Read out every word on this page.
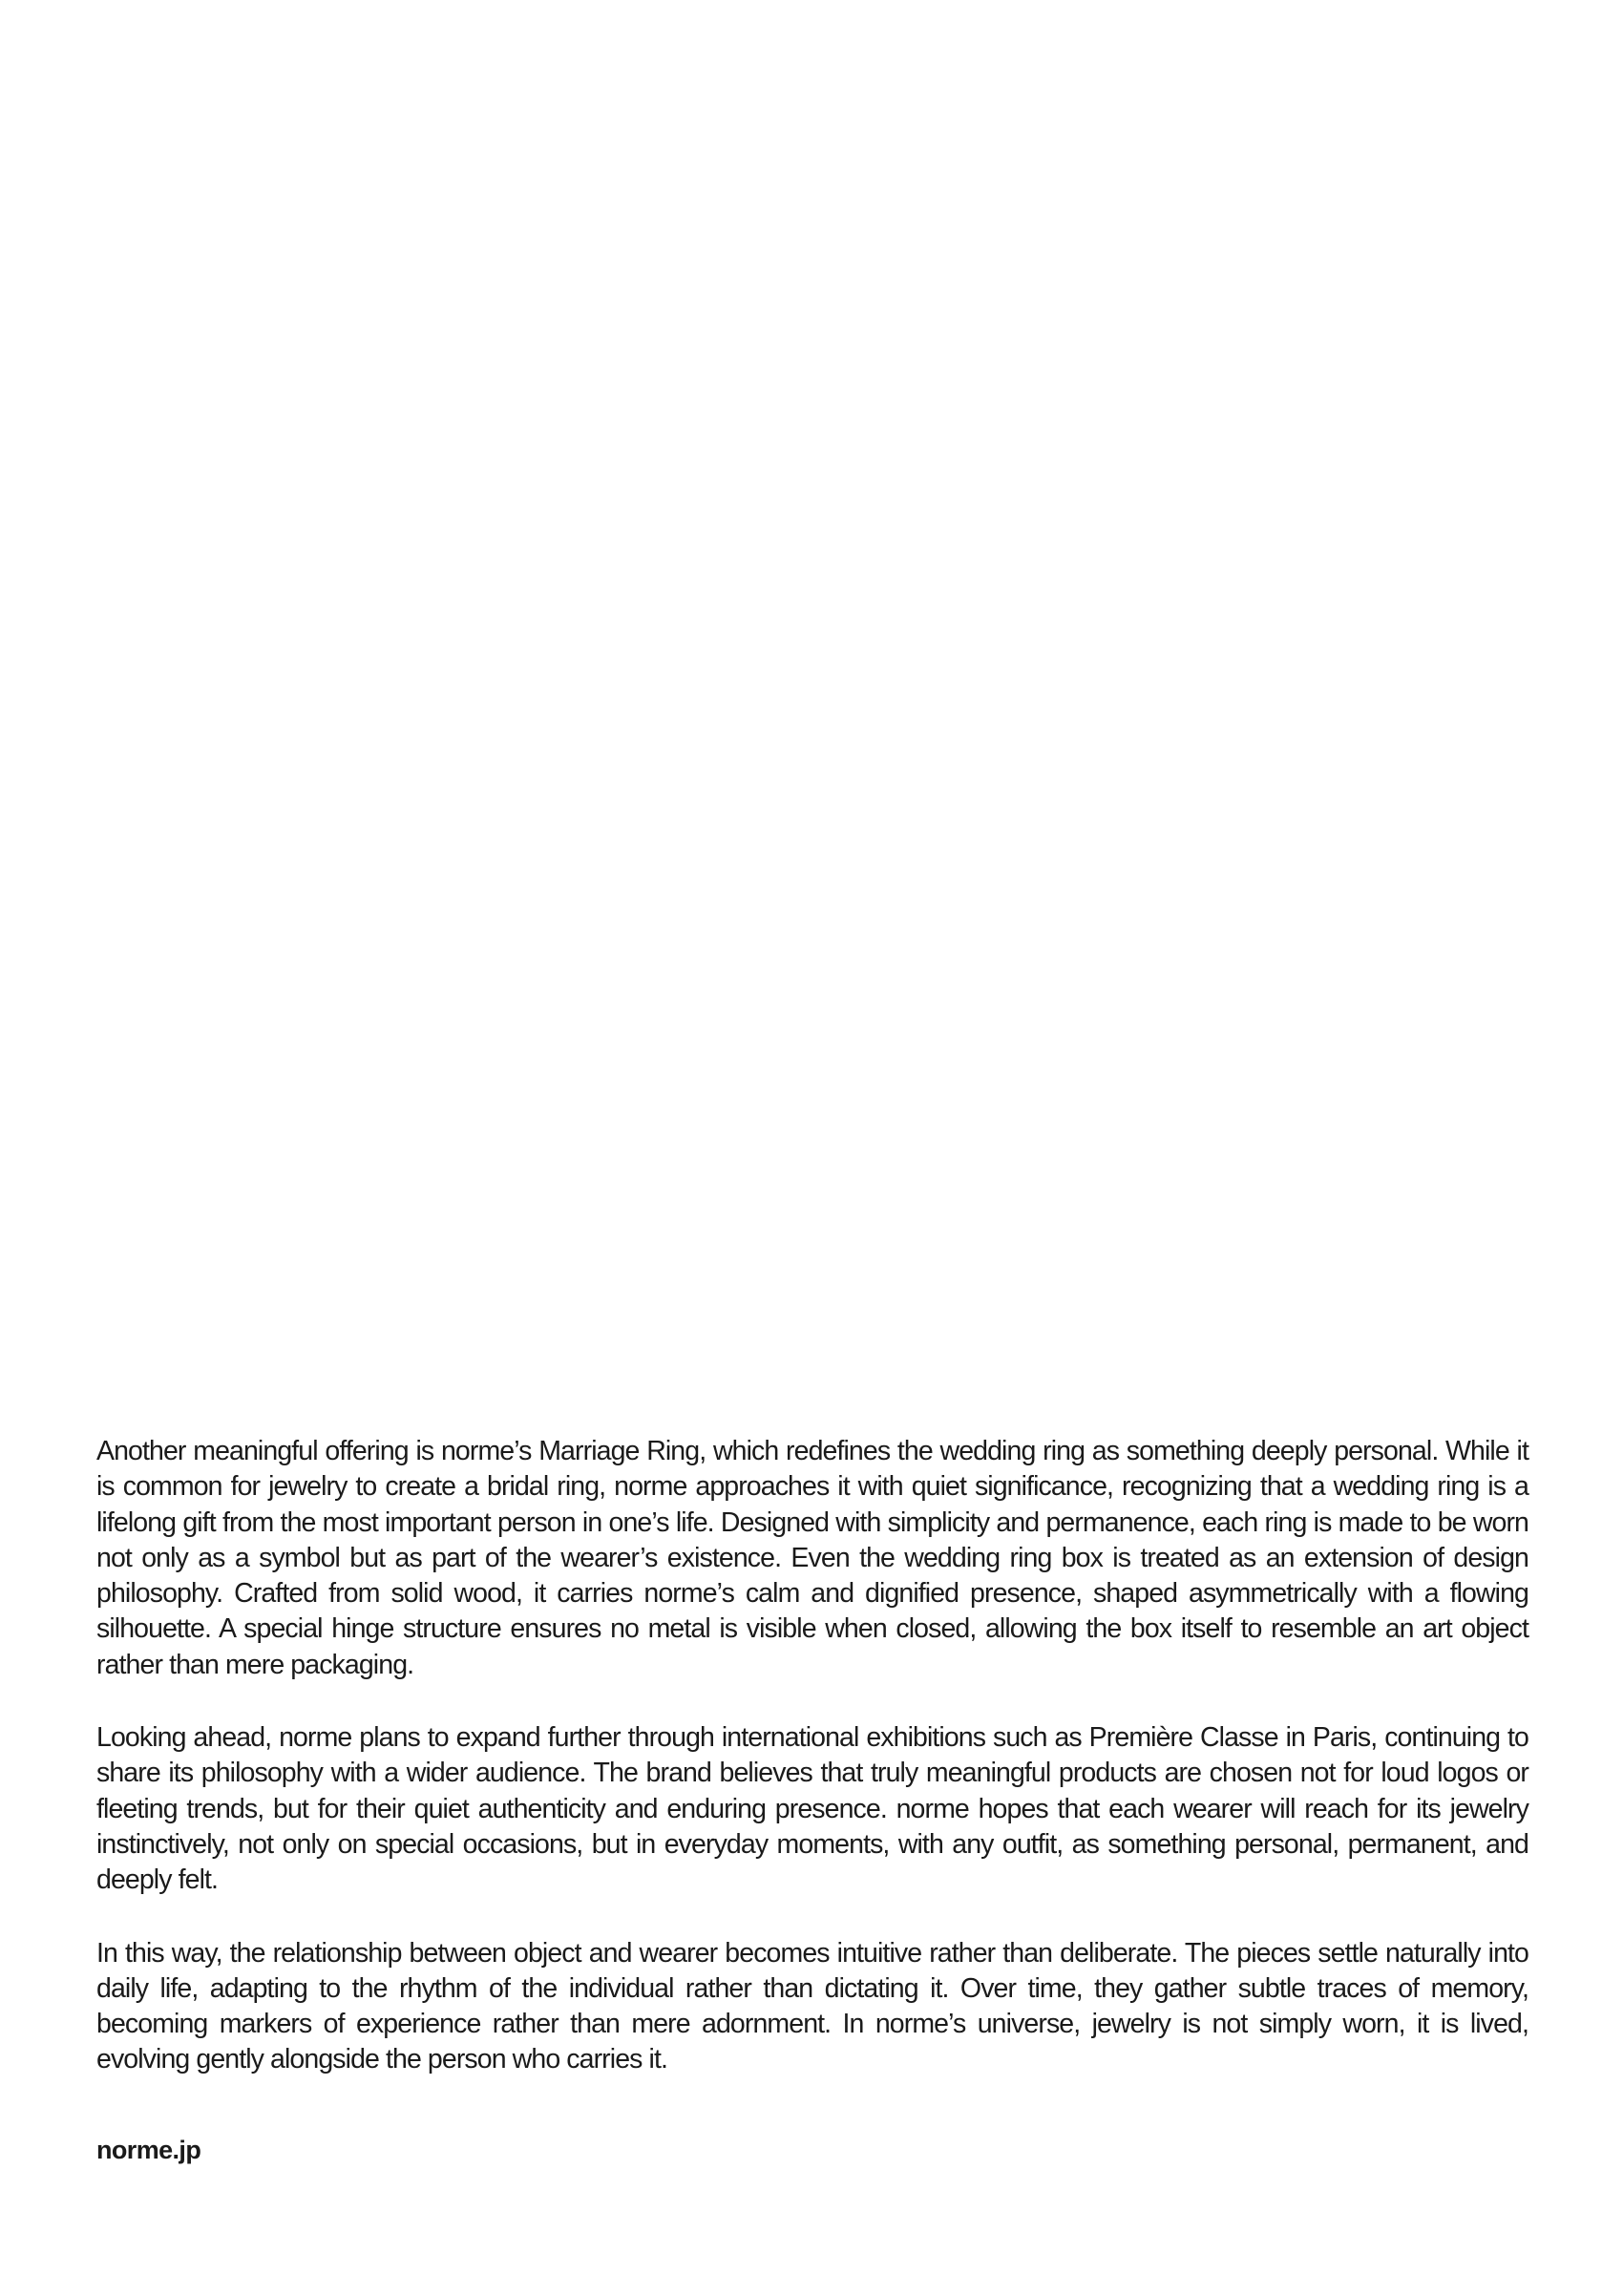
Another meaningful offering is norme’s Marriage Ring, which redefines the wedding ring as something deeply personal. While it is common for jewelry to create a bridal ring, norme approaches it with quiet significance, recognizing that a wedding ring is a lifelong gift from the most important person in one’s life. Designed with simplicity and permanence, each ring is made to be worn not only as a symbol but as part of the wearer’s existence. Even the wedding ring box is treated as an extension of design philosophy. Crafted from solid wood, it carries norme’s calm and dignified presence, shaped asymmetrically with a flowing silhouette. A special hinge structure ensures no metal is visible when closed, allowing the box itself to resemble an art object rather than mere packaging.

Looking ahead, norme plans to expand further through international exhibitions such as Première Classe in Paris, continuing to share its philosophy with a wider audience. The brand believes that truly meaningful products are chosen not for loud logos or fleeting trends, but for their quiet authenticity and enduring presence. norme hopes that each wearer will reach for its jewelry instinctively, not only on special occasions, but in everyday moments, with any outfit, as something personal, permanent, and deeply felt.

In this way, the relationship between object and wearer becomes intuitive rather than deliberate. The pieces settle naturally into daily life, adapting to the rhythm of the individual rather than dictating it. Over time, they gather subtle traces of memory, becoming markers of experience rather than mere adornment. In norme’s universe, jewelry is not simply worn, it is lived, evolving gently alongside the person who carries it.

norme.jp
